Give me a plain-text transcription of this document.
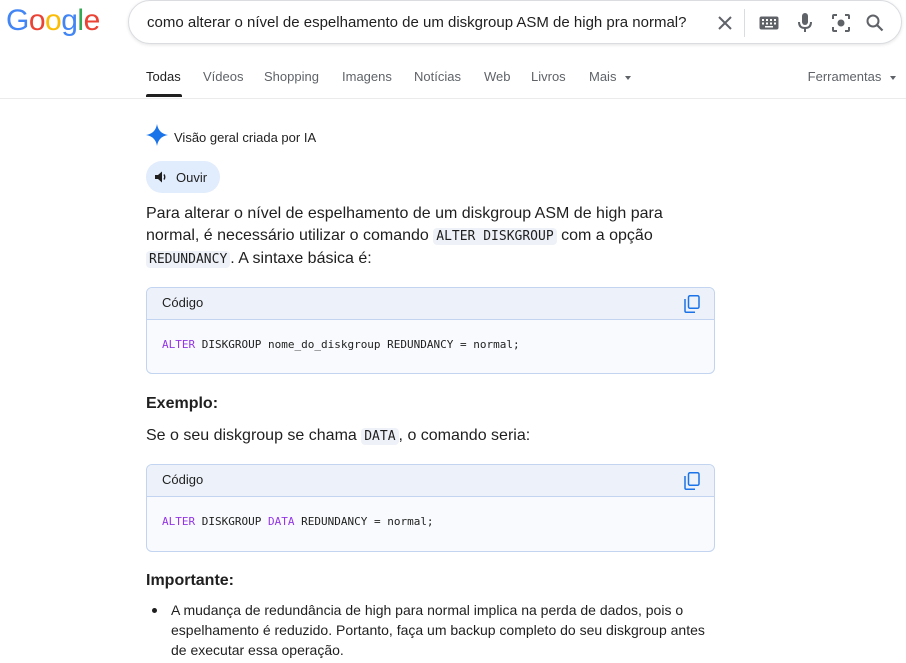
Google	como alterar o nível de espelhamento de um diskgroup ASM de high pra normal?
Todas Vídeos Shopping Imagens Notícias Web Livros Mais	Ferramentas
Visão geral criada por IA
Ouvir
Para alterar o nível de espelhamento de um diskgroup ASM de high para normal, é necessário utilizar o comando ALTER DISKGROUP com a opção REDUNDANCY . A sintaxe básica é:
Código
ALTER DISKGROUP nome_do_diskgroup REDUNDANCY = normal;
Exemplo:
Se o seu diskgroup se chama DATA , o comando seria:
Código
ALTER DISKGROUP DATA REDUNDANCY = normal;
Importante:
A mudança de redundância de high para normal implica na perda de dados, pois o espelhamento é reduzido. Portanto, faça um backup completo do seu diskgroup antes de executar essa operação.
